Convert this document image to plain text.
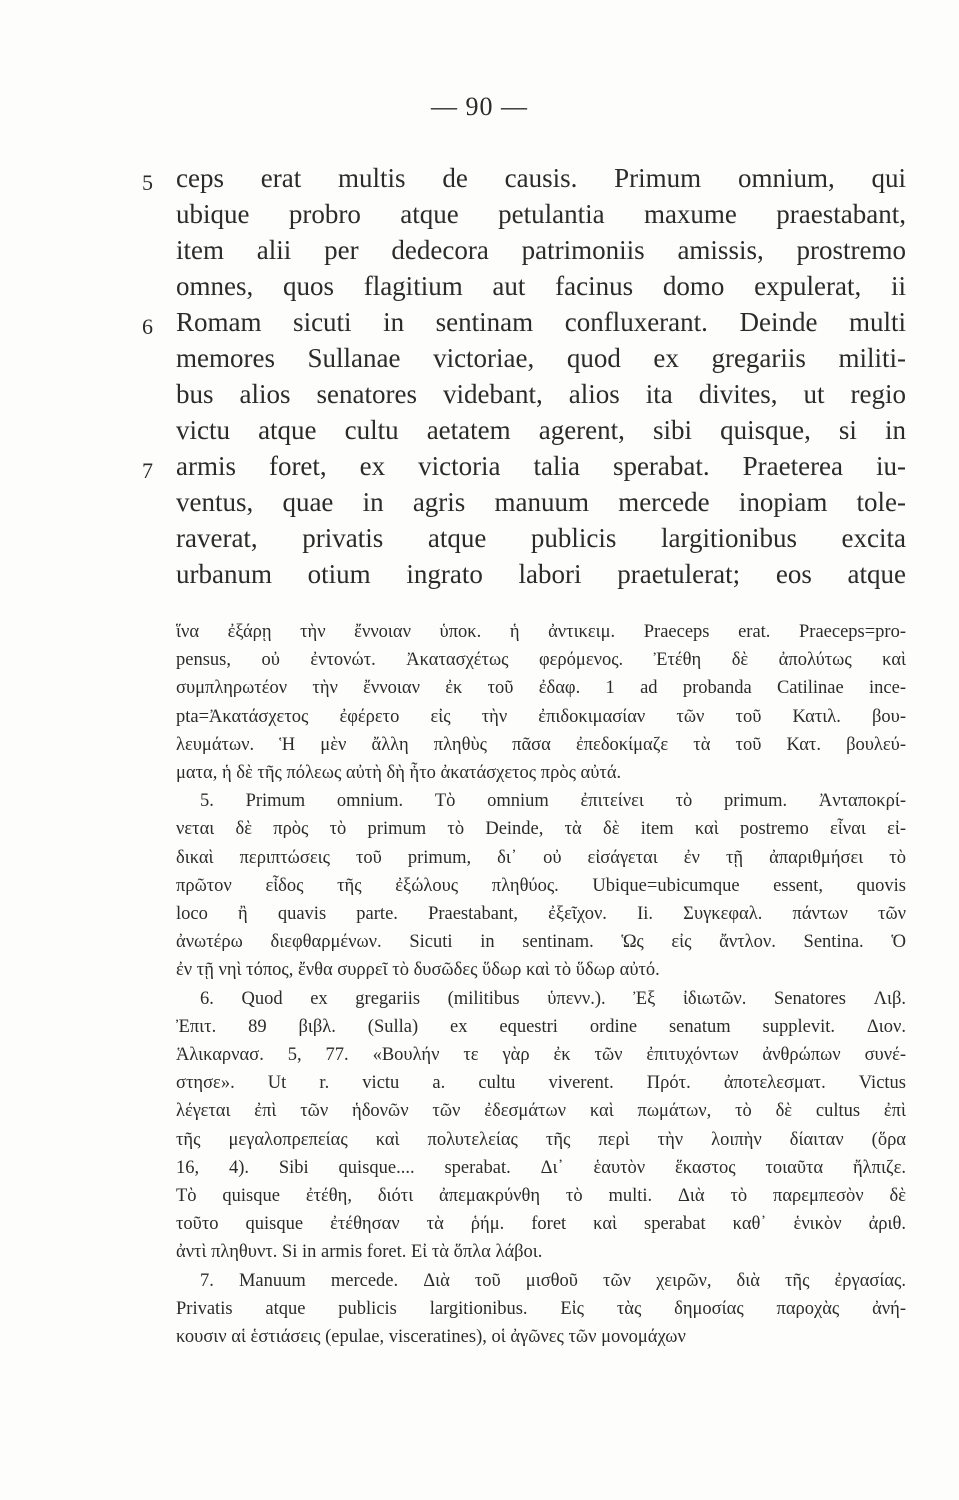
— 90 —
5 ceps erat multis de causis. Primum omnium, qui
ubique probro atque petulantia maxume praestabant,
item alii per dedecora patrimoniis amissis, prostremo
omnes, quos flagitium aut facinus domo expulerat, ii
6 Romam sicuti in sentinam confluxerant. Deinde multi
memores Sullanae victoriae, quod ex gregariis militi-
bus alios senatores videbant, alios ita divites, ut regio
victu atque cultu aetatem agerent, sibi quisque, si in
7 armis foret, ex victoria talia sperabat. Praeterea iu-
ventus, quae in agris manuum mercede inopiam tole-
raverat, privatis atque publicis largitionibus excita
urbanum otium ingrato labori praetulerat; eos atque
ἵνα ἐξάρῃ τὴν ἔννοιαν ὑποκ. ἡ ἀντικειμ. Praeceps erat. Praeceps=pro-
pensus, οὐ ἐντονώτ. Ἀκατασχέτως φερόμενος. Ἐτέθη δὲ ἀπολύτως καὶ
συμπληρωτέον τὴν ἔννοιαν ἐκ τοῦ ἐδαφ. 1 ad probanda Catilinae ince-
pta=Ἀκατάσχετος ἐφέρετο εἰς τὴν ἐπιδοκιμασίαν τῶν τοῦ Κατιλ. βου-
λευμάτων. Ἡ μὲν ἄλλη πληθὺς πᾶσα ἐπεδοκίμαζε τὰ τοῦ Κατ. βουλεύ-
ματα, ἡ δὲ τῆς πόλεως αὐτὴ δὴ ἦτο ἀκατάσχετος πρὸς αὐτά.
5. Primum omnium. Τὸ omnium ἐπιτείνει τὸ primum. Ἀνταποκρί-
νεται δὲ πρὸς τὸ primum τὸ Deinde, τὰ δὲ item καὶ postremo εἶναι εἰ-
δικαὶ περιπτώσεις τοῦ primum, δι᾽ οὐ εἰσάγεται ἐν τῇ ἀπαριθμήσει τὸ
πρῶτον εἶδος τῆς ἐξώλους πληθύος. Ubique=ubicumque essent, quovis
loco ἢ quavis parte. Praestabant, ἐξεῖχον. Ii. Συγκεφαλ. πάντων τῶν
ἀνωτέρω διεφθαρμένων. Sicuti in sentinam. Ὡς εἰς ἄντλον. Sentina. Ὁ
ἐν τῇ νηὶ τόπος, ἔνθα συρρεῖ τὸ δυσῶδες ὕδωρ καὶ τὸ ὕδωρ αὐτό.
6. Quod ex gregariis (militibus ὑπενν.). Ἐξ ἰδιωτῶν. Senatores Λιβ.
Ἐπιτ. 89 βιβλ. (Sulla) ex equestri ordine senatum supplevit. Διον.
Ἁλικαρνασ. 5, 77. «Βουλήν τε γὰρ ἐκ τῶν ἐπιτυχόντων ἀνθρώπων συνέ-
στησε». Ut r. victu a. cultu viverent. Πρότ. ἀποτελεσματ. Victus
λέγεται ἐπὶ τῶν ἡδονῶν τῶν ἐδεσμάτων καὶ πωμάτων, τὸ δὲ cultus ἐπὶ
τῆς μεγαλοπρεπείας καὶ πολυτελείας τῆς περὶ τὴν λοιπὴν δίαιταν (ὅρα
16, 4). Sibi quisque.... sperabat. Δι᾽ ἑαυτὸν ἕκαστος τοιαῦτα ἤλπιζε.
Τὸ quisque ἐτέθη, διότι ἀπεμακρύνθη τὸ multi. Διὰ τὸ παρεμπεσὸν δὲ
τοῦτο quisque ἐτέθησαν τὰ ῥήμ. foret καὶ sperabat καθ᾽ ἑνικὸν ἀριθ.
ἀντὶ πληθυντ. Si in armis foret. Εἰ τὰ ὅπλα λάβοι.
7. Manuum mercede. Διὰ τοῦ μισθοῦ τῶν χειρῶν, διὰ τῆς ἐργασίας.
Privatis atque publicis largitionibus. Εἰς τὰς δημοσίας παροχὰς ἀνή-
κουσιν αἱ ἑστιάσεις (epulae, visceratines), οἱ ἀγῶνες τῶν μονομάχων
